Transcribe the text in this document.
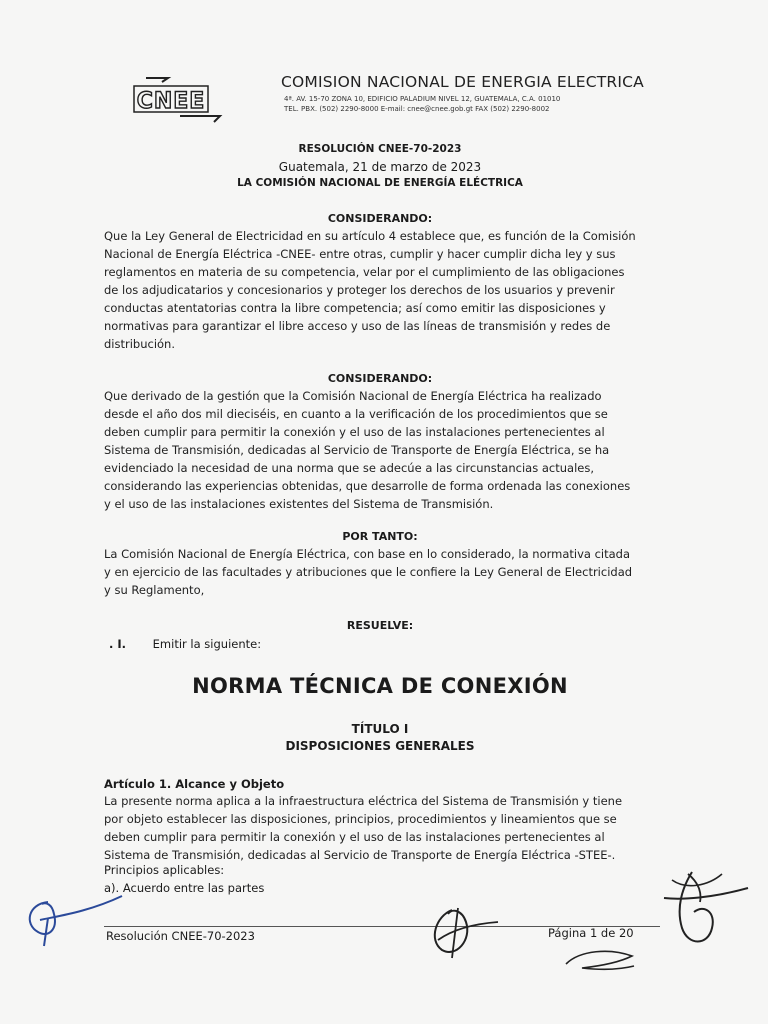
CNEE
COMISION NACIONAL DE ENERGIA ELECTRICA
4ª. AV. 15-70 ZONA 10, EDIFICIO PALADIUM NIVEL 12, GUATEMALA, C.A. 01010
TEL. PBX. (502) 2290-8000 E-mail: cnee@cnee.gob.gt FAX (502) 2290-8002
RESOLUCIÓN CNEE-70-2023
Guatemala, 21 de marzo de 2023
LA COMISIÓN NACIONAL DE ENERGÍA ELÉCTRICA
CONSIDERANDO:
Que la Ley General de Electricidad en su artículo 4 establece que, es función de la Comisión
Nacional de Energía Eléctrica -CNEE- entre otras, cumplir y hacer cumplir dicha ley y sus
reglamentos en materia de su competencia, velar por el cumplimiento de las obligaciones
de los adjudicatarios y concesionarios y proteger los derechos de los usuarios y prevenir
conductas atentatorias contra la libre competencia; así como emitir las disposiciones y
normativas para garantizar el libre acceso y uso de las líneas de transmisión y redes de
distribución.
CONSIDERANDO:
Que derivado de la gestión que la Comisión Nacional de Energía Eléctrica ha realizado
desde el año dos mil dieciséis, en cuanto a la verificación de los procedimientos que se
deben cumplir para permitir la conexión y el uso de las instalaciones pertenecientes al
Sistema de Transmisión, dedicadas al Servicio de Transporte de Energía Eléctrica, se ha
evidenciado la necesidad de una norma que se adecúe a las circunstancias actuales,
considerando las experiencias obtenidas, que desarrolle de forma ordenada las conexiones
y el uso de las instalaciones existentes del Sistema de Transmisión.
POR TANTO:
La Comisión Nacional de Energía Eléctrica, con base en lo considerado, la normativa citada
y en ejercicio de las facultades y atribuciones que le confiere la Ley General de Electricidad
y su Reglamento,
RESUELVE:
. I. Emitir la siguiente:
NORMA TÉCNICA DE CONEXIÓN
TÍTULO I
DISPOSICIONES GENERALES
Artículo 1. Alcance y Objeto
La presente norma aplica a la infraestructura eléctrica del Sistema de Transmisión y tiene
por objeto establecer las disposiciones, principios, procedimientos y lineamientos que se
deben cumplir para permitir la conexión y el uso de las instalaciones pertenecientes al
Sistema de Transmisión, dedicadas al Servicio de Transporte de Energía Eléctrica -STEE-.
Principios aplicables:
a). Acuerdo entre las partes
Resolución CNEE-70-2023	Página 1 de 20
